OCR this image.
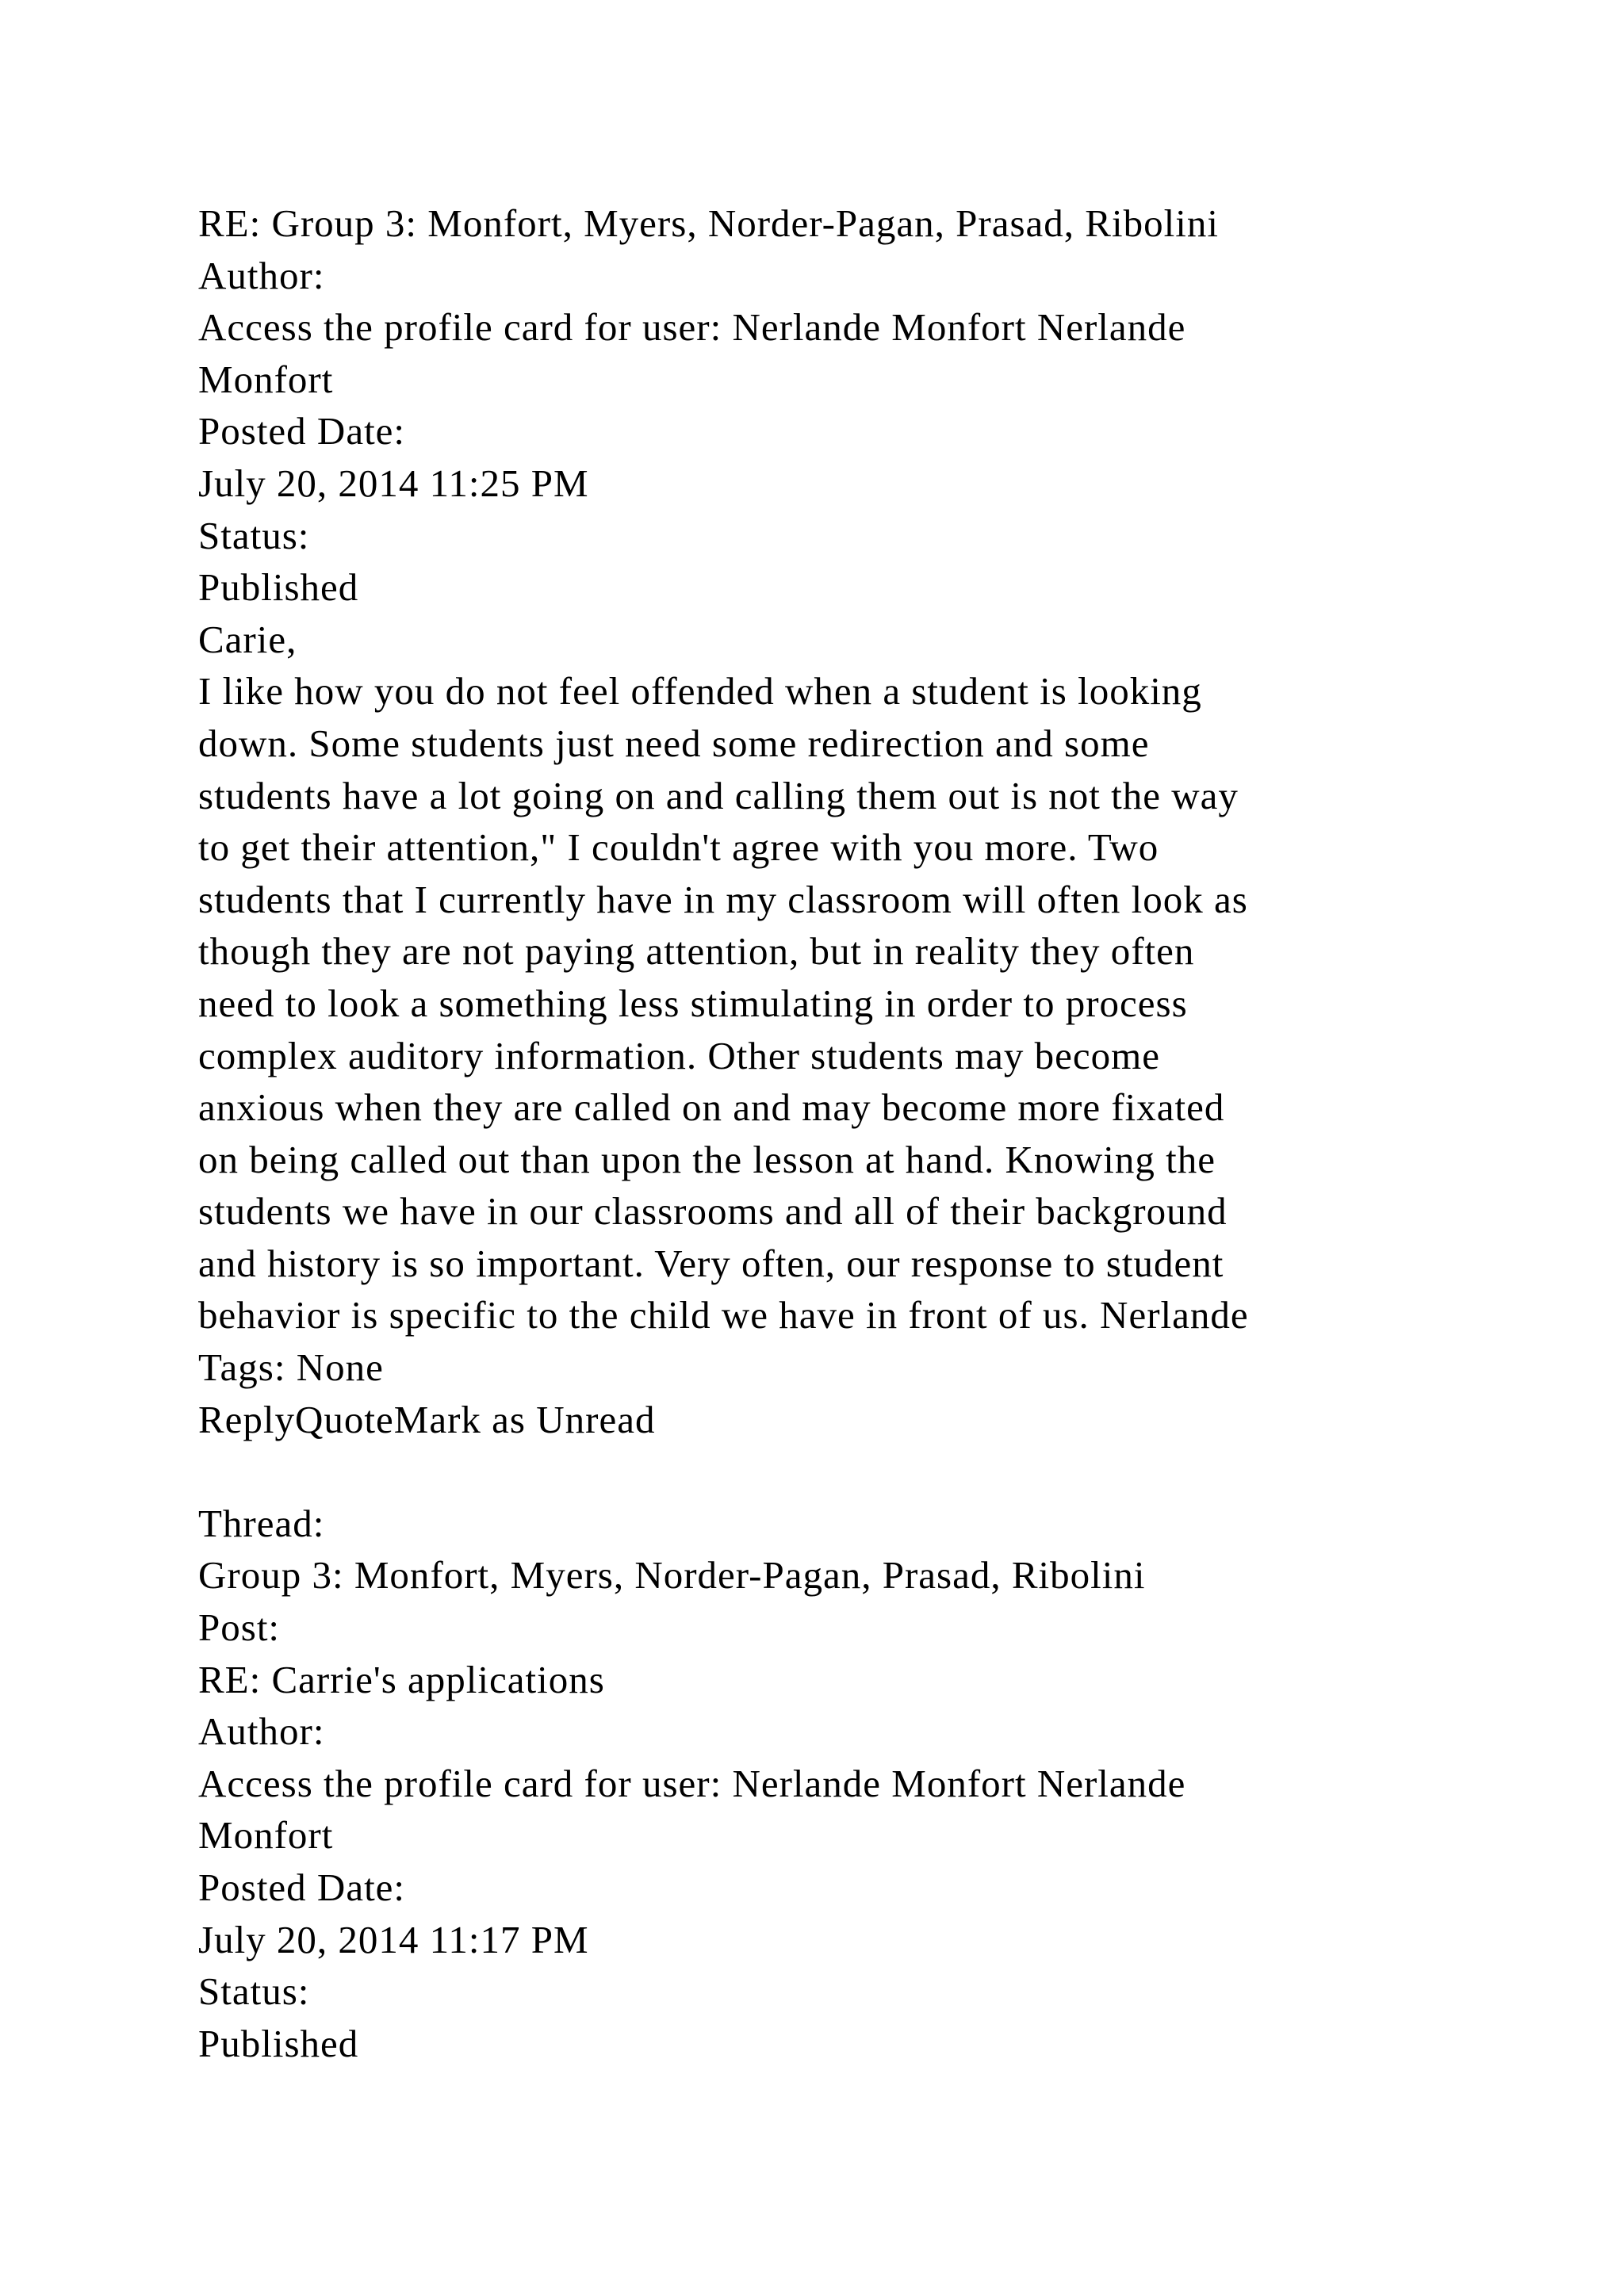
RE: Group 3: Monfort, Myers, Norder-Pagan, Prasad, Ribolini
Author:
Access the profile card for user: Nerlande Monfort Nerlande
Monfort
Posted Date:
July 20, 2014 11:25 PM
Status:
Published
Carie,
I like how you do not feel offended when a student is looking
down. Some students just need some redirection and some
students have a lot going on and calling them out is not the way
to get their attention," I couldn't agree with you more. Two
students that I currently have in my classroom will often look as
though they are not paying attention, but in reality they often
need to look a something less stimulating in order to process
complex auditory information. Other students may become
anxious when they are called on and may become more fixated
on being called out than upon the lesson at hand. Knowing the
students we have in our classrooms and all of their background
and history is so important. Very often, our response to student
behavior is specific to the child we have in front of us. Nerlande
Tags: None
ReplyQuoteMark as Unread
Thread:
Group 3: Monfort, Myers, Norder-Pagan, Prasad, Ribolini
Post:
RE: Carrie's applications
Author:
Access the profile card for user: Nerlande Monfort Nerlande
Monfort
Posted Date:
July 20, 2014 11:17 PM
Status:
Published
